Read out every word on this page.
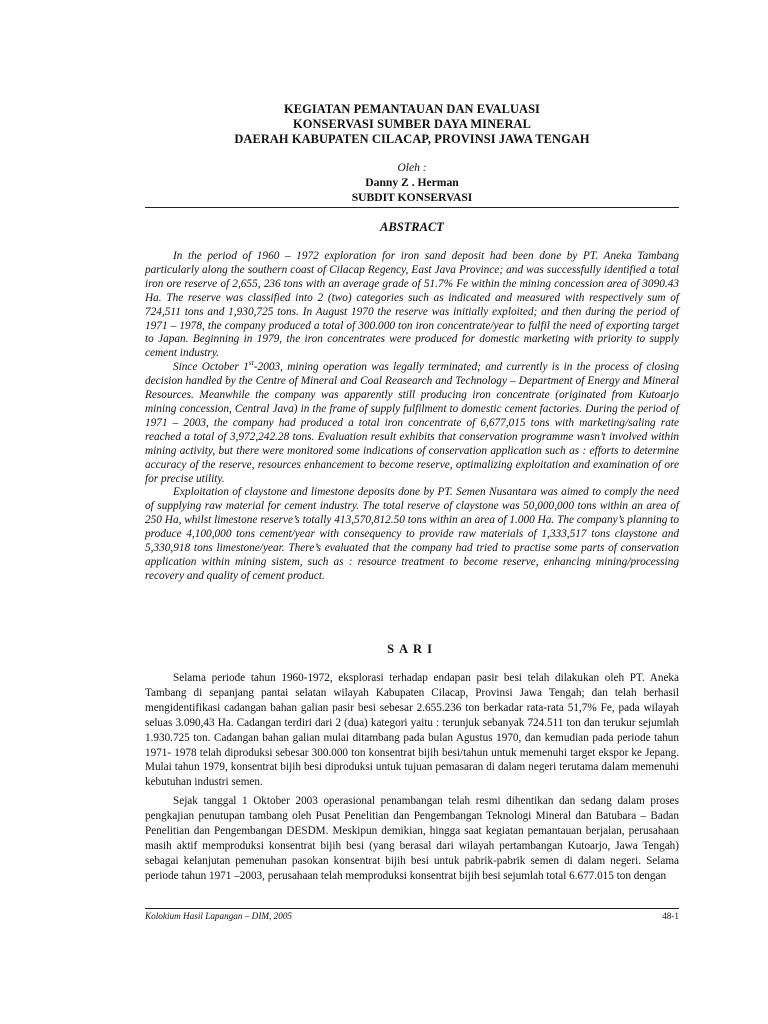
KEGIATAN PEMANTAUAN DAN EVALUASI
KONSERVASI SUMBER DAYA MINERAL
DAERAH KABUPATEN CILACAP, PROVINSI JAWA TENGAH
Oleh :
Danny Z . Herman
SUBDIT KONSERVASI
ABSTRACT

In the period of 1960 – 1972 exploration for iron sand deposit had been done by PT. Aneka Tambang particularly along the southern coast of Cilacap Regency, East Java Province; and was successfully identified a total iron ore reserve of 2,655, 236 tons with an average grade of 51.7% Fe within the mining concession area of 3090.43 Ha. The reserve was classified into 2 (two) categories such as indicated and measured with respectively sum of 724,511 tons and 1,930,725 tons. In August 1970 the reserve was initially exploited; and then during the period of 1971 – 1978, the company produced a total of 300.000 ton iron concentrate/year to fulfil the need of exporting target to Japan. Beginning in 1979, the iron concentrates were produced for domestic marketing with priority to supply cement industry.

Since October 1st-2003, mining operation was legally terminated; and currently is in the process of closing decision handled by the Centre of Mineral and Coal Reasearch and Technology – Department of Energy and Mineral Resources. Meanwhile the company was apparently still producing iron concentrate (originated from Kutoarjo mining concession, Central Java) in the frame of supply fulfilment to domestic cement factories. During the period of 1971 – 2003, the company had produced a total iron concentrate of 6,677,015 tons with marketing/saling rate reached a total of 3,972,242.28 tons. Evaluation result exhibits that conservation programme wasn’t involved within mining activity, but there were monitored some indications of conservation application such as : efforts to determine accuracy of the reserve, resources enhancement to become reserve, optimalizing exploitation and examination of ore for precise utility.

Exploitation of claystone and limestone deposits done by PT. Semen Nusantara was aimed to comply the need of supplying raw material for cement industry. The total reserve of claystone was 50,000,000 tons within an area of 250 Ha, whilst limestone reserve’s totally 413,570,812.50 tons within an area of 1.000 Ha. The company’s planning to produce 4,100,000 tons cement/year with consequency to provide raw materials of 1,333,517 tons claystone and 5,330,918 tons limestone/year. There’s evaluated that the company had tried to practise some parts of conservation application within mining sistem, such as : resource treatment to become reserve, enhancing mining/processing recovery and quality of cement product.

SARI

Selama periode tahun 1960-1972, eksplorasi terhadap endapan pasir besi telah dilakukan oleh PT. Aneka Tambang di sepanjang pantai selatan wilayah Kabupaten Cilacap, Provinsi Jawa Tengah; dan telah berhasil mengidentifikasi cadangan bahan galian pasir besi sebesar 2.655.236 ton berkadar rata-rata 51,7% Fe, pada wilayah seluas 3.090,43 Ha. Cadangan terdiri dari 2 (dua) kategori yaitu : terunjuk sebanyak 724.511 ton dan terukur sejumlah 1.930.725 ton. Cadangan bahan galian mulai ditambang pada bulan Agustus 1970, dan kemudian pada periode tahun 1971- 1978 telah diproduksi sebesar 300.000 ton konsentrat bijih besi/tahun untuk memenuhi target ekspor ke Jepang. Mulai tahun 1979, konsentrat bijih besi diproduksi untuk tujuan pemasaran di dalam negeri terutama dalam memenuhi kebutuhan industri semen.

Sejak tanggal 1 Oktober 2003 operasional penambangan telah resmi dihentikan dan sedang dalam proses pengkajian penutupan tambang oleh Pusat Penelitian dan Pengembangan Teknologi Mineral dan Batubara – Badan Penelitian dan Pengembangan DESDM. Meskipun demikian, hingga saat kegiatan pemantauan berjalan, perusahaan masih aktif memproduksi konsentrat bijih besi (yang berasal dari wilayah pertambangan Kutoarjo, Jawa Tengah) sebagai kelanjutan pemenuhan pasokan konsentrat bijih besi untuk pabrik-pabrik semen di dalam negeri. Selama periode tahun 1971 –2003, perusahaan telah memproduksi konsentrat bijih besi sejumlah total 6.677.015 ton dengan

Kolokium Hasil Lapangan – DIM, 2005	48-1
